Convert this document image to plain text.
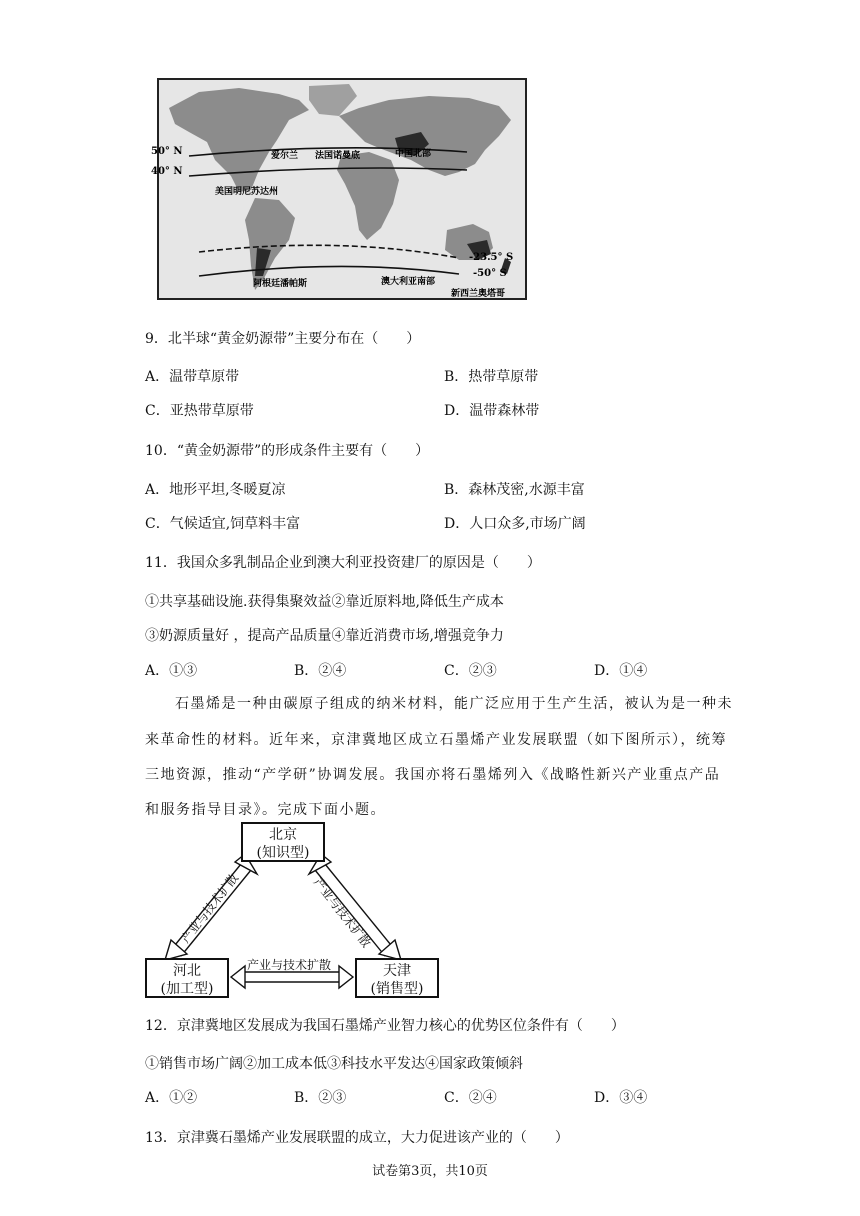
50° N
40° N
-23.5° S
-50° S
爱尔兰 法国诺曼底	中国北部
美国明尼苏达州
阿根廷潘帕斯	澳大利亚南部
新西兰奥塔哥
9．北半球“黄金奶源带”主要分布在（　　）
A．温带草原带	B．热带草原带
C．亚热带草原带	D．温带森林带
10．“黄金奶源带”的形成条件主要有（　　）
A．地形平坦,冬暖夏凉	B．森林茂密,水源丰富
C．气候适宜,饲草料丰富	D．人口众多,市场广阔
11．我国众多乳制品企业到澳大利亚投资建厂的原因是（　　）
①共享基础设施.获得集聚效益②靠近原料地,降低生产成本
③奶源质量好 ，提高产品质量④靠近消费市场,增强竞争力
A．①③	B．②④	C．②③	D．①④
石墨烯是一种由碳原子组成的纳米材料，能广泛应用于生产生活，被认为是一种未
来革命性的材料。近年来，京津冀地区成立石墨烯产业发展联盟（如下图所示），统筹
三地资源，推动“产学研”协调发展。我国亦将石墨烯列入《战略性新兴产业重点产品
和服务指导目录》。完成下面小题。
产业与技术扩散	产业与技术扩散
北京
(知识型)
河北
(加工型)
天津
(销售型)
产业与技术扩散
12．京津冀地区发展成为我国石墨烯产业智力核心的优势区位条件有（　　）
①销售市场广阔②加工成本低③科技水平发达④国家政策倾斜
A．①②	B．②③	C．②④	D．③④
13．京津冀石墨烯产业发展联盟的成立，大力促进该产业的（　　）
试卷第3页，共10页
